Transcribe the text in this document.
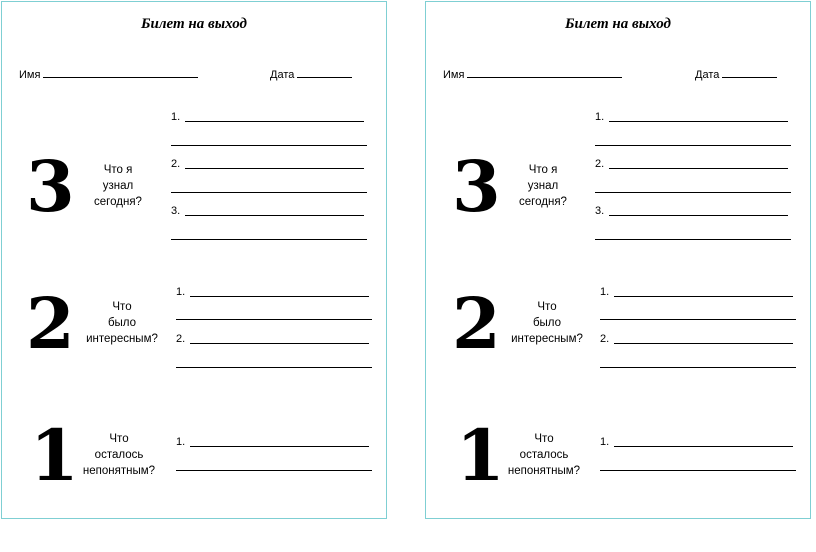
Билет на выход
Имя	Дата
3	Что я
узнал
сегодня?
1.
2.
3.
2	Что
было
интересным?
1.
2.
1	Что
осталось
непонятным?
1.
Билет на выход
Имя	Дата
3	Что я
узнал
сегодня?
1.
2.
3.
2	Что
было
интересным?
1.
2.
1	Что
осталось
непонятным?
1.
